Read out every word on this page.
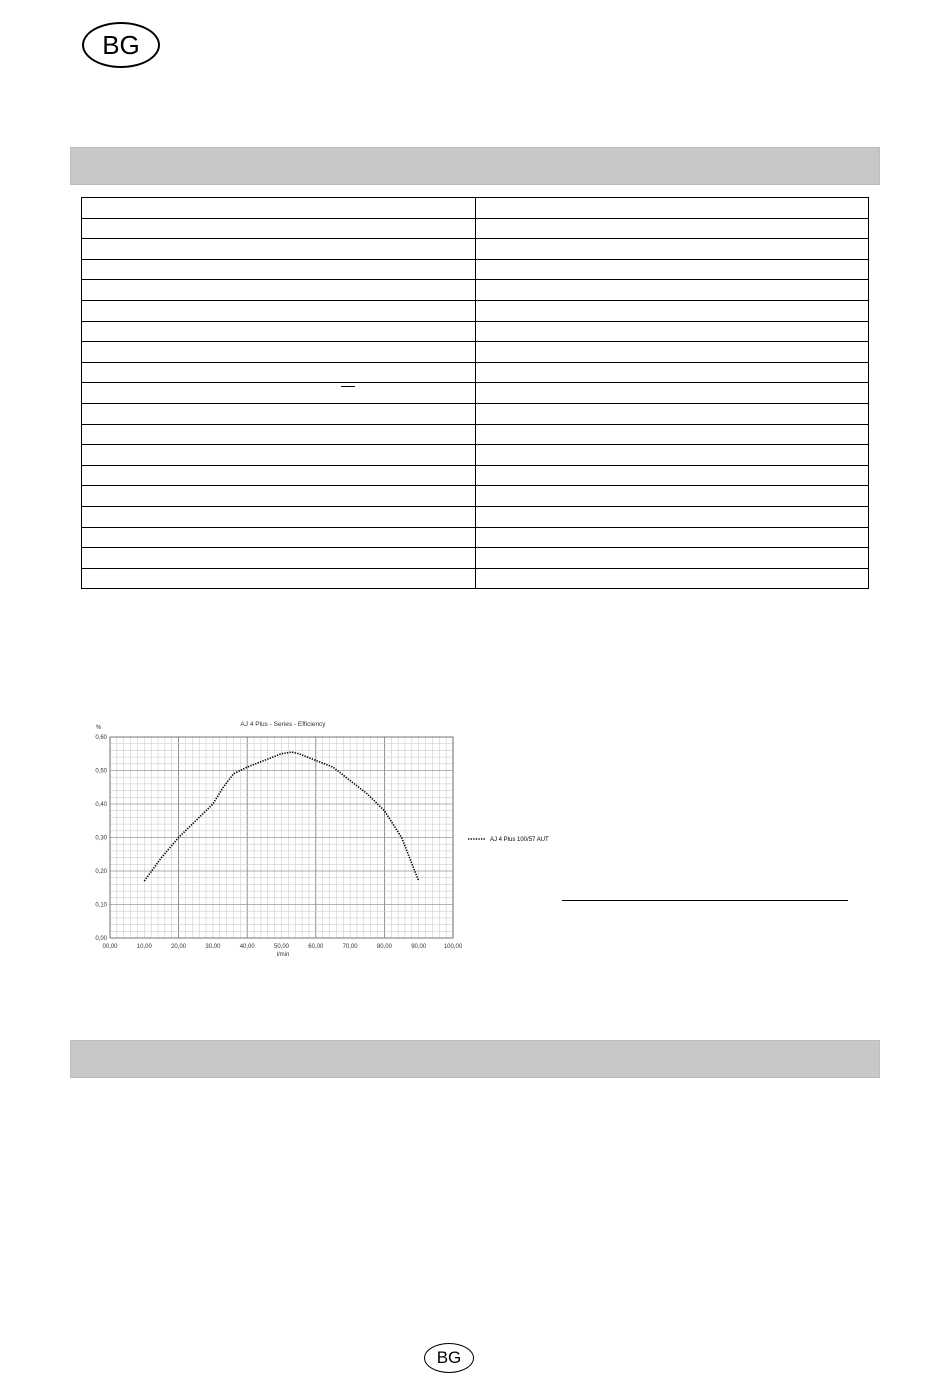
BG

00,00	10,00	20,00	30,00	40,00	50,00	60,00	70,00	80,00	90,00	100,00
0,00
0,10
0,20
0,30
0,40
0,50
0,60
AJ 4 Plus - Series - Efficiency
%
l/min
AJ 4 Plus 100/57 AUT
BG
